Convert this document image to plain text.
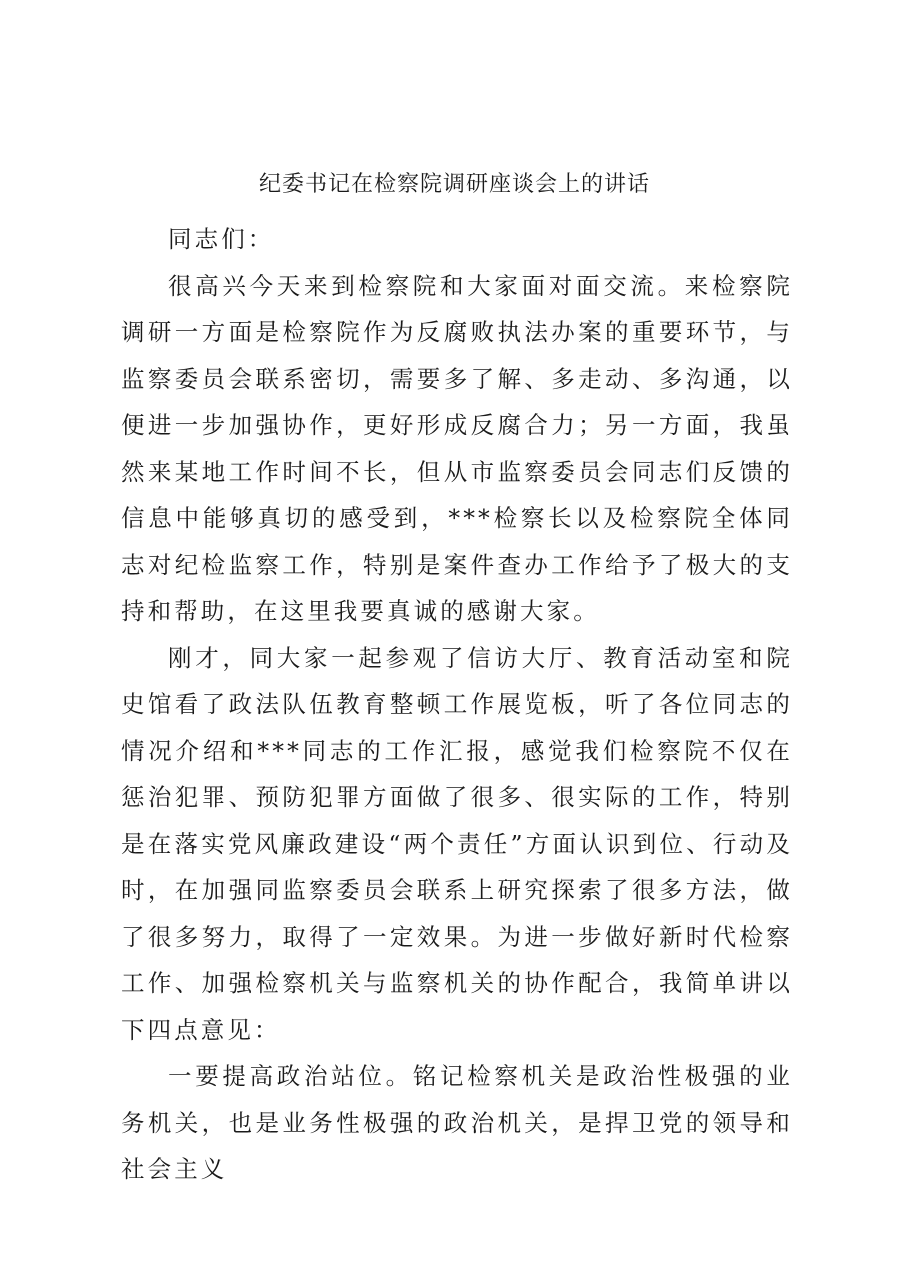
纪委书记在检察院调研座谈会上的讲话

同志们：

很高兴今天来到检察院和大家面对面交流。来检察院调研一方面是检察院作为反腐败执法办案的重要环节，与监察委员会联系密切，需要多了解、多走动、多沟通，以便进一步加强协作，更好形成反腐合力；另一方面，我虽然来某地工作时间不长，但从市监察委员会同志们反馈的信息中能够真切的感受到，***检察长以及检察院全体同志对纪检监察工作，特别是案件查办工作给予了极大的支持和帮助，在这里我要真诚的感谢大家。

刚才，同大家一起参观了信访大厅、教育活动室和院史馆看了政法队伍教育整顿工作展览板，听了各位同志的情况介绍和***同志的工作汇报，感觉我们检察院不仅在惩治犯罪、预防犯罪方面做了很多、很实际的工作，特别是在落实党风廉政建设“两个责任”方面认识到位、行动及时，在加强同监察委员会联系上研究探索了很多方法，做了很多努力，取得了一定效果。为进一步做好新时代检察工作、加强检察机关与监察机关的协作配合，我简单讲以下四点意见：

一要提高政治站位。铭记检察机关是政治性极强的业务机关，也是业务性极强的政治机关，是捍卫党的领导和社会主义
